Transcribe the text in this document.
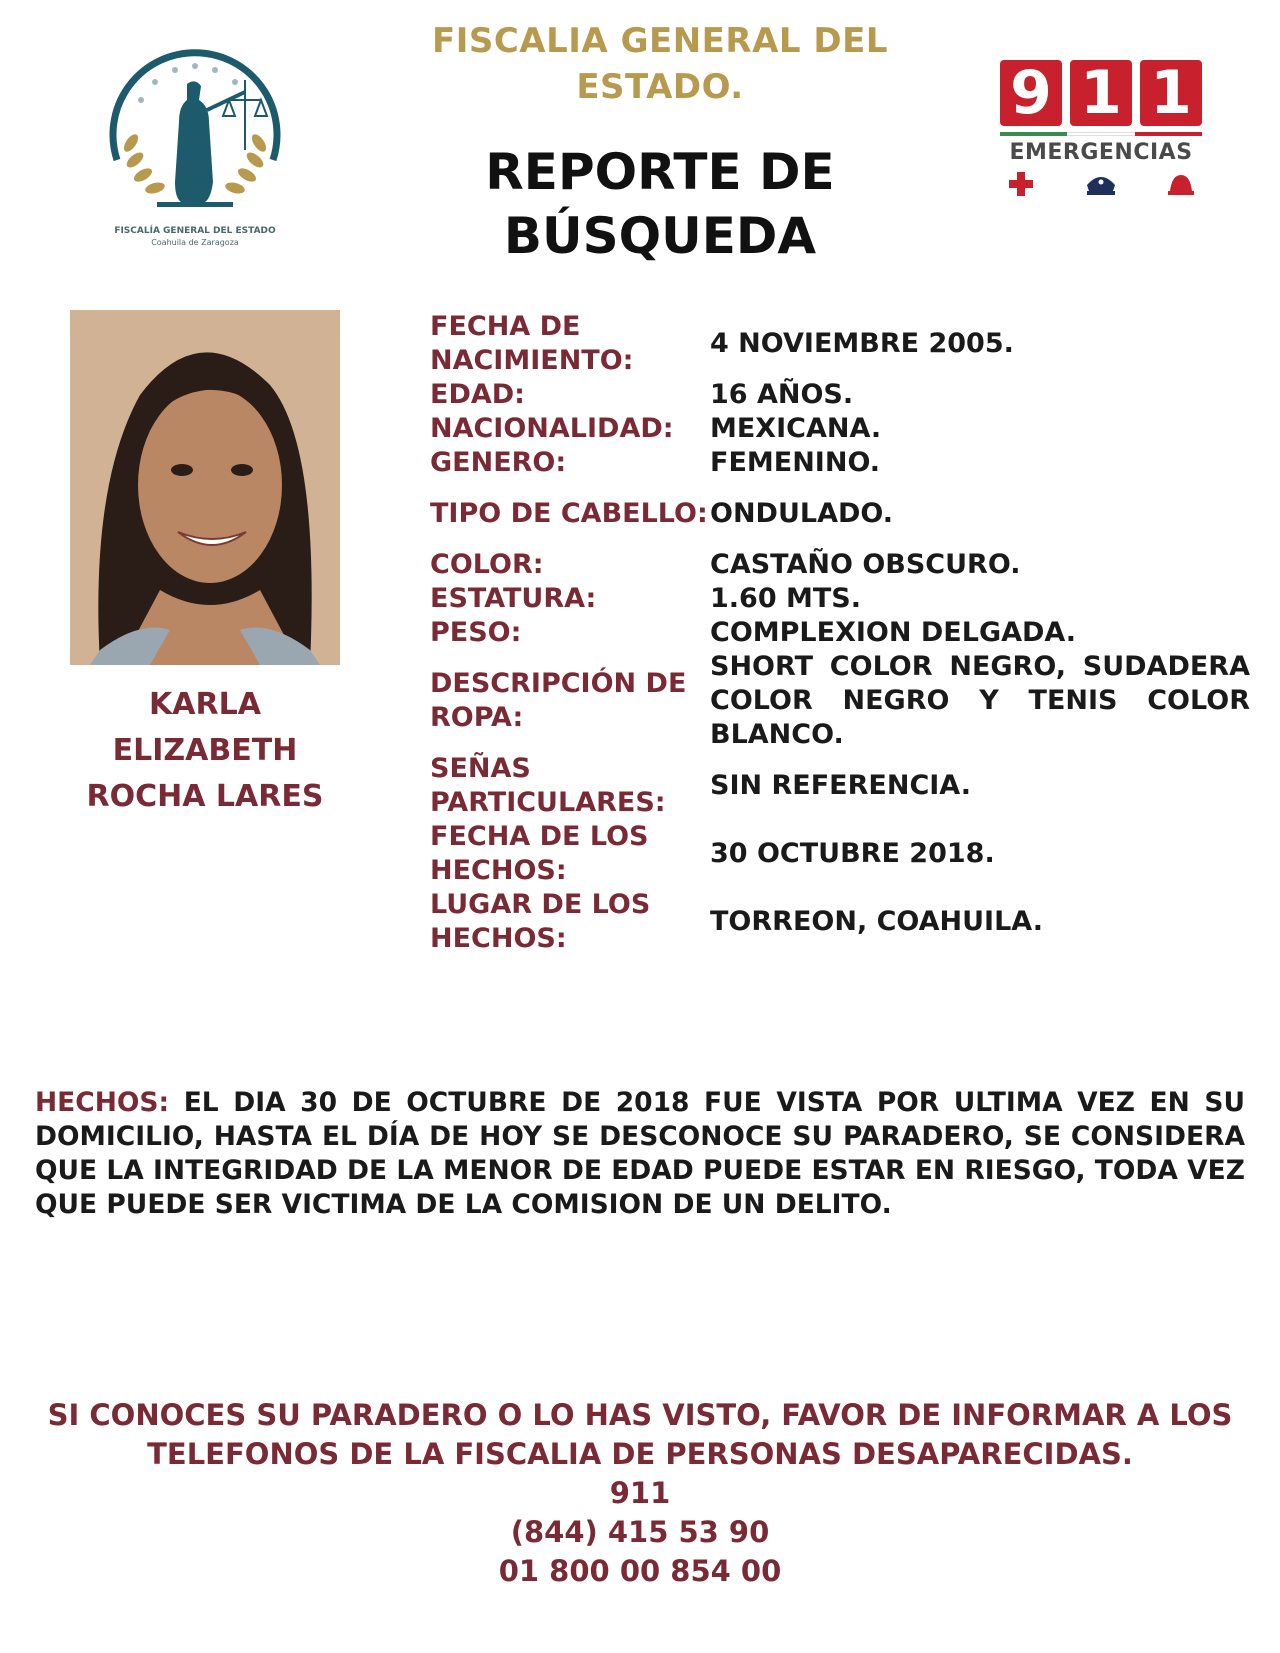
FISCALIA GENERAL DEL
ESTADO.
REPORTE DE
BÚSQUEDA
FISCALÍA GENERAL DEL ESTADO
Coahuila de Zaragoza
9 1 1
EMERGENCIAS
KARLA
ELIZABETH
ROCHA LARES
FECHA DE NACIMIENTO:
4 NOVIEMBRE 2005.
EDAD:	16 AÑOS.
NACIONALIDAD:	MEXICANA.
GENERO:	FEMENINO.
TIPO DE CABELLO: ONDULADO.
COLOR:	CASTAÑO OBSCURO.
ESTATURA:	1.60 MTS.
PESO:	COMPLEXION DELGADA.
DESCRIPCIÓN DE ROPA:
SHORT COLOR NEGRO, SUDADERA COLOR NEGRO Y TENIS COLOR BLANCO.
SEÑAS PARTICULARES:
SIN REFERENCIA.
FECHA DE LOS HECHOS:
30 OCTUBRE 2018.
LUGAR DE LOS HECHOS:
TORREON, COAHUILA.
HECHOS: EL DIA 30 DE OCTUBRE DE 2018 FUE VISTA POR ULTIMA VEZ EN SU DOMICILIO, HASTA EL DÍA DE HOY SE DESCONOCE SU PARADERO, SE CONSIDERA QUE LA INTEGRIDAD DE LA MENOR DE EDAD PUEDE ESTAR EN RIESGO, TODA VEZ QUE PUEDE SER VICTIMA DE LA COMISION DE UN DELITO.
SI CONOCES SU PARADERO O LO HAS VISTO, FAVOR DE INFORMAR A LOS TELEFONOS DE LA FISCALIA DE PERSONAS DESAPARECIDAS.
911
(844) 415 53 90
01 800 00 854 00
